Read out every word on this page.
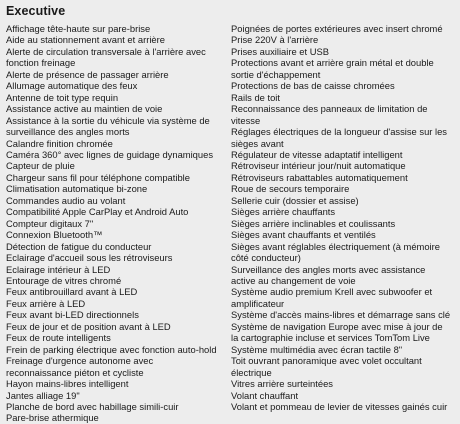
Executive
Affichage tête-haute sur pare-brise
Aide au stationnement avant et arrière
Alerte de circulation transversale à l'arrière avec
fonction freinage
Alerte de présence de passager arrière
Allumage automatique des feux
Antenne de toit type requin
Assistance active au maintien de voie
Assistance à la sortie du véhicule via système de
surveillance des angles morts
Calandre finition chromée
Caméra 360° avec lignes de guidage dynamiques
Capteur de pluie
Chargeur sans fil pour téléphone compatible
Climatisation automatique bi-zone
Commandes audio au volant
Compatibilité Apple CarPlay et Android Auto
Compteur digitaux 7"
Connexion Bluetooth™
Détection de fatigue du conducteur
Eclairage d'accueil sous les rétroviseurs
Eclairage intérieur à LED
Entourage de vitres chromé
Feux antibrouillard avant à LED
Feux arrière à LED
Feux avant bi-LED directionnels
Feux de jour et de position avant à LED
Feux de route intelligents
Frein de parking électrique avec fonction auto-hold
Freinage d'urgence autonome avec
reconnaissance piéton et cycliste
Hayon mains-libres intelligent
Jantes alliage 19"
Planche de bord avec habillage simili-cuir
Pare-brise athermique
Poignées de portes extérieures avec insert chromé
Prise 220V à l'arrière
Prises auxiliaire et USB
Protections avant et arrière grain métal et double
sortie d'échappement
Protections de bas de caisse chromées
Rails de toit
Reconnaissance des panneaux de limitation de
vitesse
Réglages électriques de la longueur d'assise sur les
sièges avant
Régulateur de vitesse adaptatif intelligent
Rétroviseur intérieur jour/nuit automatique
Rétroviseurs rabattables automatiquement
Roue de secours temporaire
Sellerie cuir (dossier et assise)
Sièges arrière chauffants
Sièges arrière inclinables et coulissants
Sièges avant chauffants et ventilés
Sièges avant réglables électriquement (à mémoire
côté conducteur)
Surveillance des angles morts avec assistance
active au changement de voie
Système audio premium Krell avec subwoofer et
amplificateur
Système d'accès mains-libres et démarrage sans clé
Système de navigation Europe avec mise à jour de
la cartographie incluse et services TomTom Live
Système multimédia avec écran tactile 8"
Toit ouvrant panoramique avec volet occultant
électrique
Vitres arrière surteintées
Volant chauffant
Volant et pommeau de levier de vitesses gainés cuir
